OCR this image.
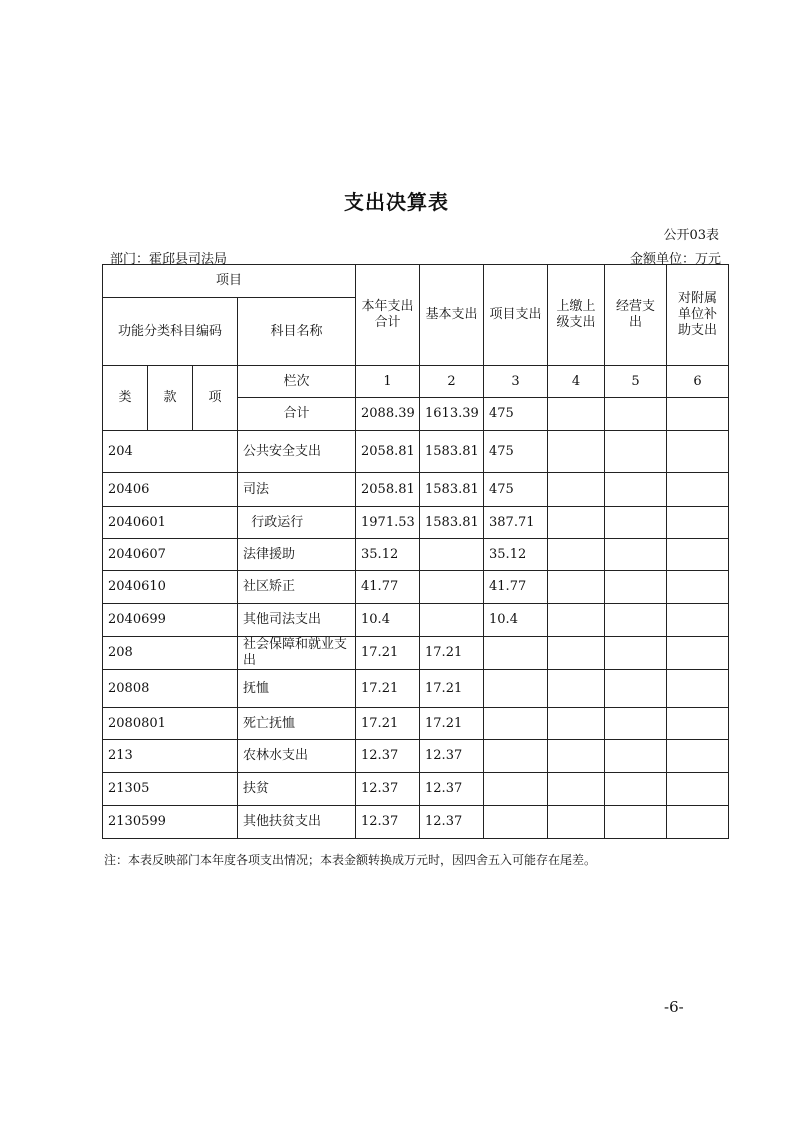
支出决算表
公开03表
部门：霍邱县司法局	金额单位：万元
项目				本年支出合计	基本支出	项目支出	上缴上级支出	经营支出	对附属单位补助支出
功能分类科目编码			科目名称						
类	款	项	栏次	1	2	3	4	5	6
			合计	2088.39	1613.39	475			
204			公共安全支出	2058.81	1583.81	475			
20406			司法	2058.81	1583.81	475			
2040601			行政运行	1971.53	1583.81	387.71			
2040607			法律援助	35.12		35.12			
2040610			社区矫正	41.77		41.77			
2040699			其他司法支出	10.4		10.4			
208			社会保障和就业支出	17.21	17.21				
20808			抚恤	17.21	17.21				
2080801			死亡抚恤	17.21	17.21				
213			农林水支出	12.37	12.37				
21305			扶贫	12.37	12.37				
2130599			其他扶贫支出	12.37	12.37				
注：本表反映部门本年度各项支出情况；本表金额转换成万元时，因四舍五入可能存在尾差。
-6-
